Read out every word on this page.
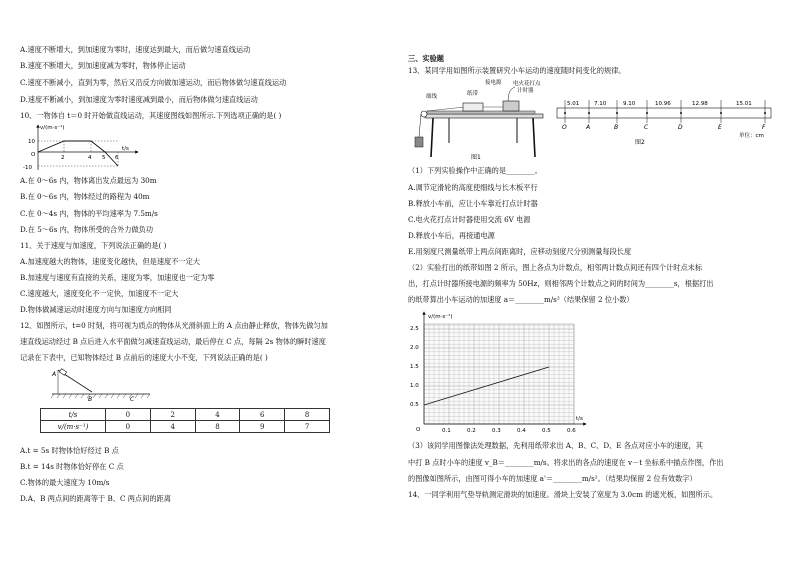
A.速度不断增大，到加速度为零时，速度达到最大，而后做匀速直线运动
B.速度不断增大，到加速度减为零时，物体停止运动
C.速度不断减小，直到为零，然后又沿反方向做加速运动，而后物体做匀速直线运动
D.速度不断减小，到加速度为零时速度减到最小，而后物体做匀速直线运动
10、一物体自 t＝0 时开始做直线运动，其速度图线如图所示.下列选项正确的是( )
v/(m·s⁻¹)
t/s
10
O
-10
2	4 5 6
A.在 0～6s 内，物体离出发点最远为 30m
B.在 0～6s 内，物体经过的路程为 40m
C.在 0～4s 内，物体的平均速率为 7.5m/s
D.在 5～6s 内，物体所受的合外力做负功
11、关于速度与加速度，下列说法正确的是( )
A.加速度越大的物体，速度变化越快，但是速度不一定大
B.加速度与速度有直接的关系，速度为零，加速度也一定为零
C.速度越大，速度变化不一定快，加速度不一定大
D.物体做减速运动时速度方向与加速度方向相同
12、如图所示，t=0 时刻，将可视为质点的物体从光滑斜面上的 A 点由静止释放，物体先做匀加
速直线运动经过 B 点后进入水平面做匀减速直线运动，最后停在 C 点，每隔 2s 物体的瞬时速度
记录在下表中，已知物体经过 B 点前后的速度大小不变，下列说法正确的是( )
A
B	C
t/s	0	2	4	6	8
v/(m·s⁻¹)	0	4	8	9	7
A.t = 5s 时物体恰好经过 B 点
B.t = 14s 时物体恰好停在 C 点
C.物体的最大速度为 10m/s
D.A、B 两点间的距离等于 B、C 两点间的距离
三、实验题
13、某同学用如图所示装置研究小车运动的速度随时间变化的规律。
接电源 电火花打点
计时器
细线	纸带
图1
5.01	7.10	9.10	10.96	12.98	15.01
O	A	B	C	D	E	F
单位：cm
图2
（1）下列实验操作中正确的是________。
A.调节定滑轮的高度使细线与长木板平行
B.释放小车前，应让小车靠近打点计时器
C.电火花打点计时器使用交流 6V 电源
D.释放小车后，再接通电源
E.用刻度尺测量纸带上两点间距离时，应移动刻度尺分别测量每段长度
（2）实验打出的纸带如图 2 所示，图上各点为计数点，相邻两计数点间还有四个计时点未标
出，打点计时器所接电源的频率为 50Hz，则相邻两个计数点之间的时间为________s，根据打出
的纸带算出小车运动的加速度 a＝________m/s²（结果保留 2 位小数）
v/(m·s⁻¹)
t/s
O
0.5
1.0
1.5
2.0
2.5
0.1	0.2	0.3	0.4	0.5	0.6
（3）该同学用图像法处理数据，先利用纸带求出 A、B、C、D、E 各点对应小车的速度，其
中打 B 点时小车的速度 v_B＝________m/s。将求出的各点的速度在 v－t 坐标系中描点作图，作出
的图像如图所示，由图可得小车的加速度 a'＝________m/s²。（结果均保留 2 位有效数字）
14、一同学利用气垫导轨测定滑块的加速度。滑块上安装了宽度为 3.0cm 的遮光板，如图所示。
